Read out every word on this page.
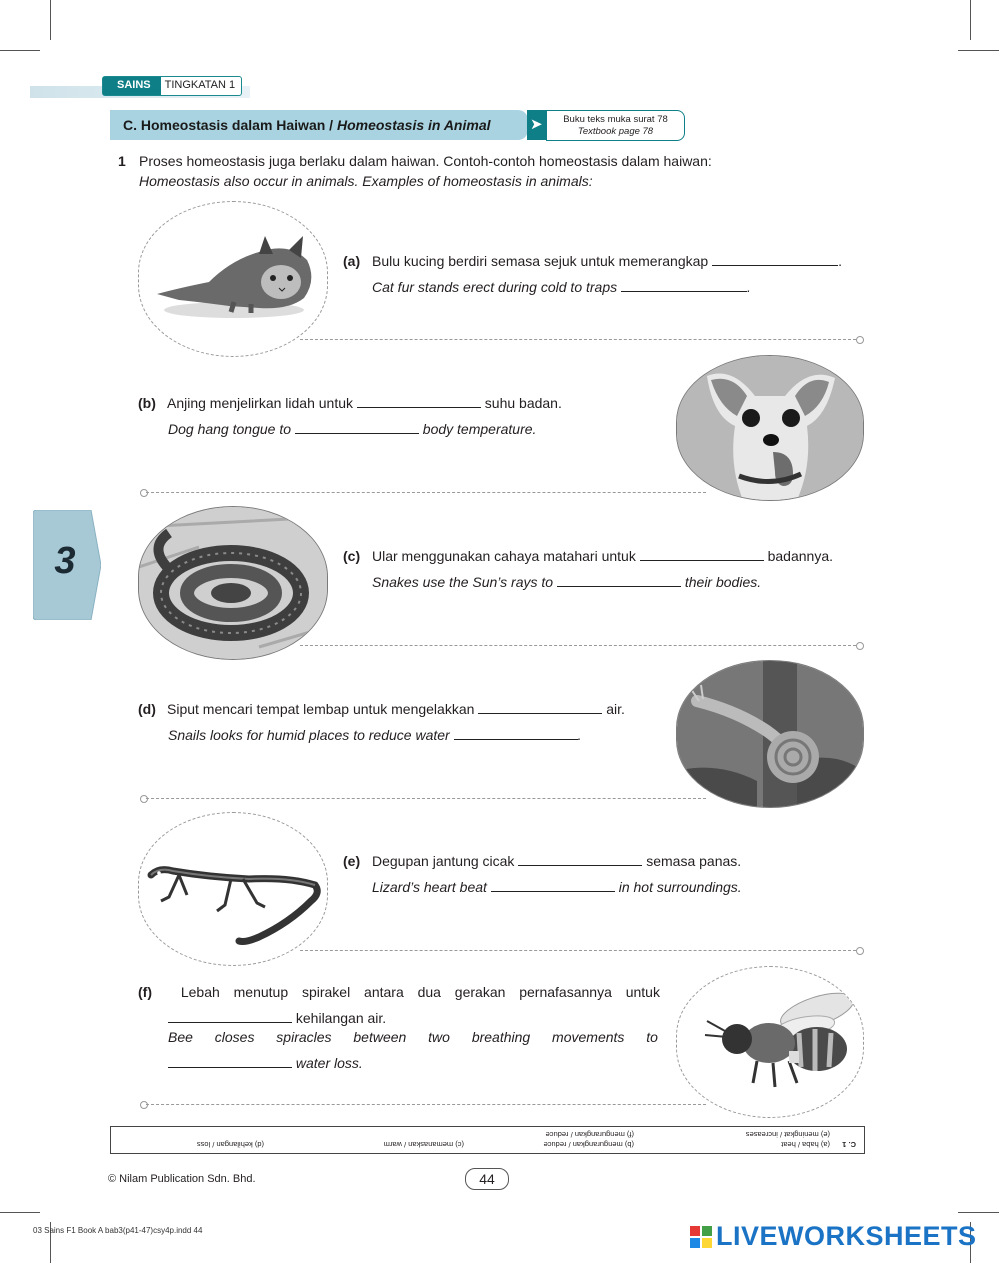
SAINS	TINGKATAN 1
C. Homeostasis dalam Haiwan / Homeostasis in Animal	➤	Buku teks muka surat 78
Textbook page 78
1 Proses homeostasis juga berlaku dalam haiwan. Contoh-contoh homeostasis dalam haiwan:
Homeostasis also occur in animals. Examples of homeostasis in animals:
3
(a) Bulu kucing berdiri semasa sejuk untuk memerangkap	.
Cat fur stands erect during cold to traps	.
(b) Anjing menjelirkan lidah untuk	suhu badan.
Dog hang tongue to	body temperature.
(c) Ular menggunakan cahaya matahari untuk	badannya.
Snakes use the Sun’s rays to	their bodies.
(d) Siput mencari tempat lembap untuk mengelakkan	air.
Snails looks for humid places to reduce water	.
(e) Degupan jantung cicak	semasa panas.
Lizard’s heart beat	in hot surroundings.
(f)	Lebah menutup spirakel antara dua gerakan pernafasannya untuk
kehilangan air.
Bee closes spiracles between two breathing movements to
water loss.
C. 1
(a) haba / heat
(e) meningkat / increases
(b) mengurangkan / reduce
(f) mengurangkan / reduce
(c) memanaskan / warm
(d) kehilangan / loss
© Nilam Publication Sdn. Bhd.	44
03 Sains F1 Book A bab3(p41-47)csy4p.indd 44	LIVEWORKSHEETS
